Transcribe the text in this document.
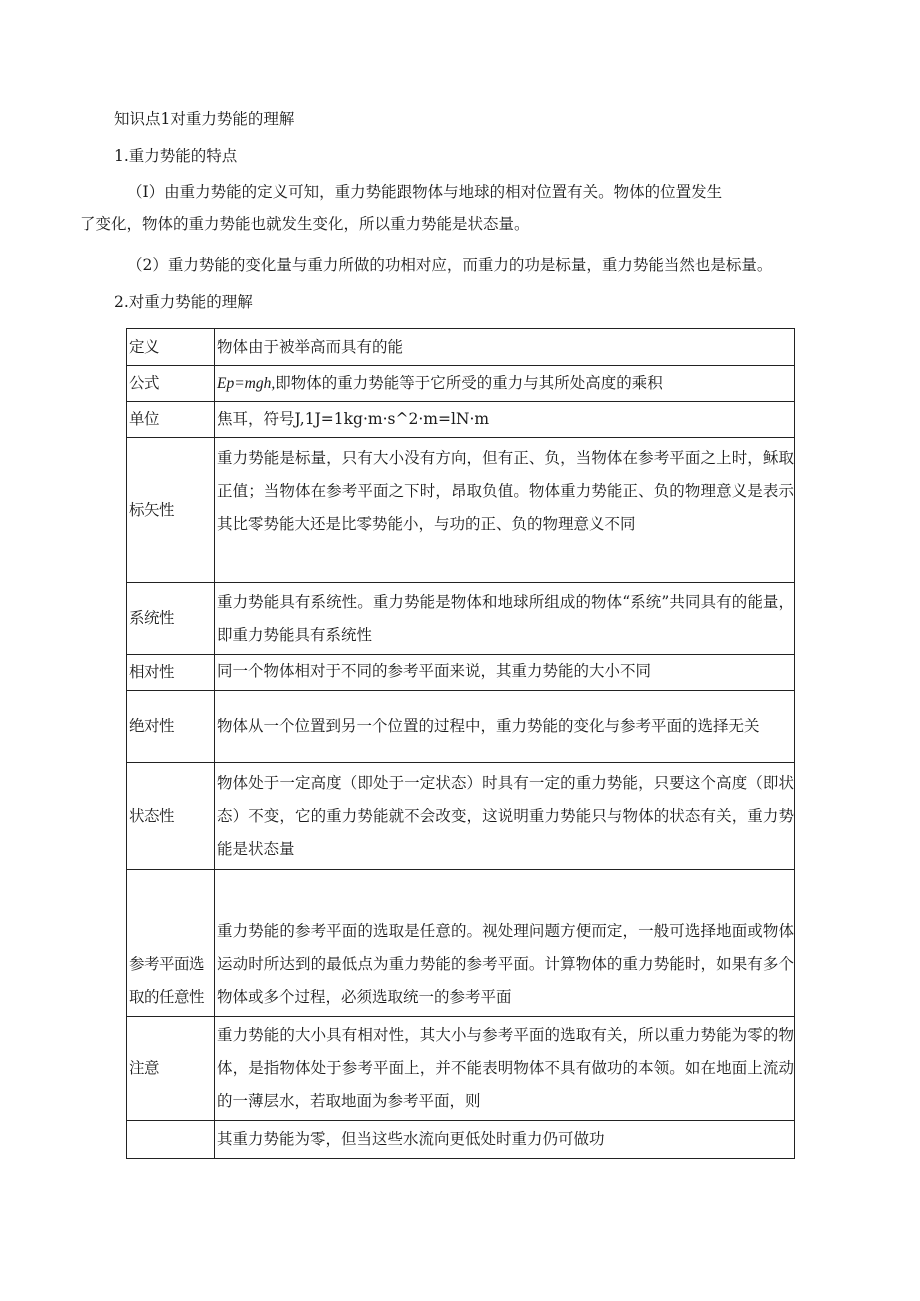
知识点1对重力势能的理解
1.重力势能的特点
（I）由重力势能的定义可知，重力势能跟物体与地球的相对位置有关。物体的位置发生
了变化，物体的重力势能也就发生变化，所以重力势能是状态量。
（2）重力势能的变化量与重力所做的功相对应，而重力的功是标量，重力势能当然也是标量。
2.对重力势能的理解
定义	物体由于被举高而具有的能
公式	Ep=mgh,即物体的重力势能等于它所受的重力与其所处高度的乘积
单位	焦耳，符号J,1J=1kg·m·s^2·m=lN·m
标矢性	重力势能是标量，只有大小没有方向，但有正、负，当物体在参考平面之上时，稣取正值；当物体在参考平面之下时，昂取负值。物体重力势能正、负的物理意义是表示其比零势能大还是比零势能小，与功的正、负的物理意义不同
系统性	重力势能具有系统性。重力势能是物体和地球所组成的物体“系统”共同具有的能量，即重力势能具有系统性
相对性	同一个物体相对于不同的参考平面来说，其重力势能的大小不同
绝对性	物体从一个位置到另一个位置的过程中，重力势能的变化与参考平面的选择无关
状态性	物体处于一定高度（即处于一定状态）时具有一定的重力势能，只要这个高度（即状态）不变，它的重力势能就不会改变，这说明重力势能只与物体的状态有关，重力势能是状态量

参考平面选
取的任意性	重力势能的参考平面的选取是任意的。视处理问题方便而定，一般可选择地面或物体运动时所达到的最低点为重力势能的参考平面。计算物体的重力势能时，如果有多个物体或多个过程，必须选取统一的参考平面
注意	重力势能的大小具有相对性，其大小与参考平面的选取有关，所以重力势能为零的物体，是指物体处于参考平面上，并不能表明物体不具有做功的本领。如在地面上流动的一薄层水，若取地面为参考平面，则
	其重力势能为零，但当这些水流向更低处时重力仍可做功
